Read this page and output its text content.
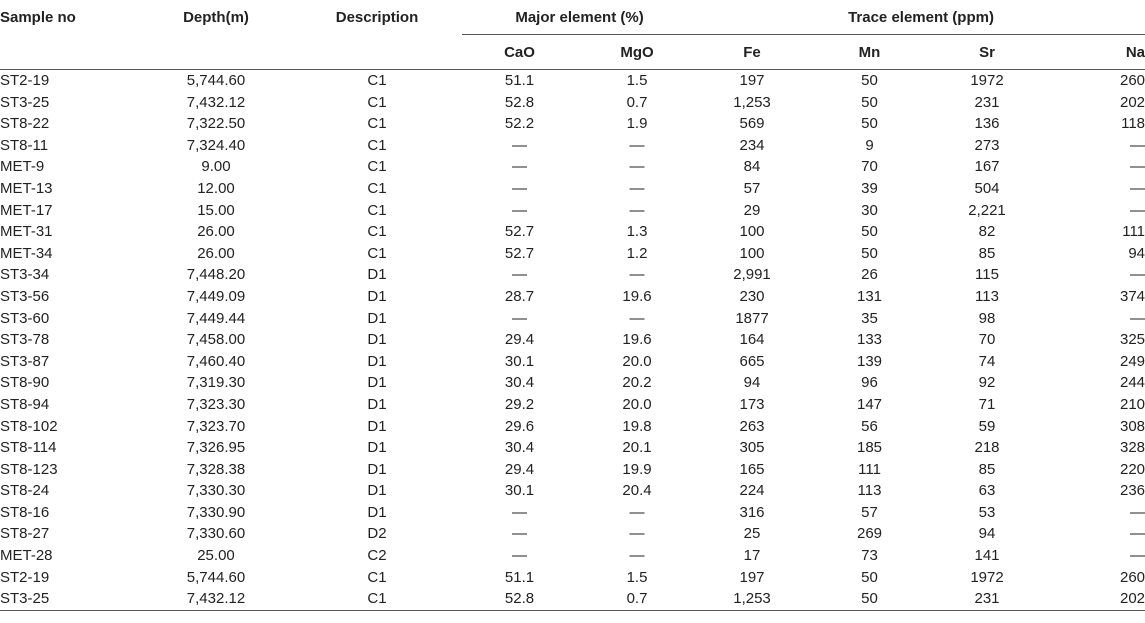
Sample no	Depth(m)	Description	Major element (%)		Trace element (ppm)			
			CaO	MgO	Fe	Mn	Sr	Na
ST2-19	5,744.60	C1	51.1	1.5	197	50	1972	260
ST3-25	7,432.12	C1	52.8	0.7	1,253	50	231	202
ST8-22	7,322.50	C1	52.2	1.9	569	50	136	118
ST8-11	7,324.40	C1	—	—	234	9	273	—
MET-9	9.00	C1	—	—	84	70	167	—
MET-13	12.00	C1	—	—	57	39	504	—
MET-17	15.00	C1	—	—	29	30	2,221	—
MET-31	26.00	C1	52.7	1.3	100	50	82	111
MET-34	26.00	C1	52.7	1.2	100	50	85	94
ST3-34	7,448.20	D1	—	—	2,991	26	115	—
ST3-56	7,449.09	D1	28.7	19.6	230	131	113	374
ST3-60	7,449.44	D1	—	—	1877	35	98	—
ST3-78	7,458.00	D1	29.4	19.6	164	133	70	325
ST3-87	7,460.40	D1	30.1	20.0	665	139	74	249
ST8-90	7,319.30	D1	30.4	20.2	94	96	92	244
ST8-94	7,323.30	D1	29.2	20.0	173	147	71	210
ST8-102	7,323.70	D1	29.6	19.8	263	56	59	308
ST8-114	7,326.95	D1	30.4	20.1	305	185	218	328
ST8-123	7,328.38	D1	29.4	19.9	165	111	85	220
ST8-24	7,330.30	D1	30.1	20.4	224	113	63	236
ST8-16	7,330.90	D1	—	—	316	57	53	—
ST8-27	7,330.60	D2	—	—	25	269	94	—
MET-28	25.00	C2	—	—	17	73	141	—
ST2-19	5,744.60	C1	51.1	1.5	197	50	1972	260
ST3-25	7,432.12	C1	52.8	0.7	1,253	50	231	202
